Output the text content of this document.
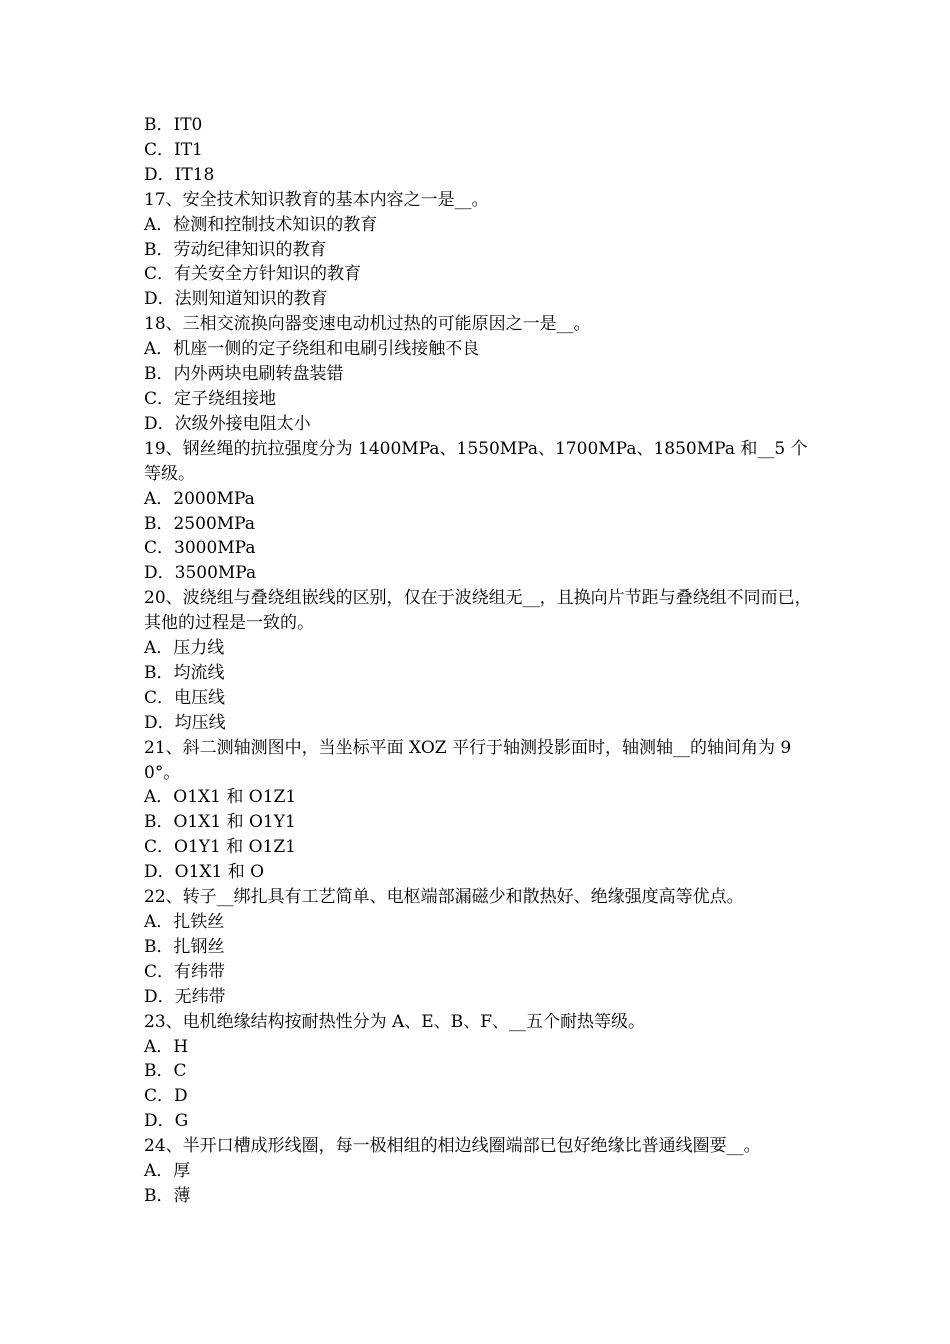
B．IT0
C．IT1
D．IT18
17、安全技术知识教育的基本内容之一是__。
A．检测和控制技术知识的教育
B．劳动纪律知识的教育
C．有关安全方针知识的教育
D．法则知道知识的教育
18、三相交流换向器变速电动机过热的可能原因之一是__。
A．机座一侧的定子绕组和电刷引线接触不良
B．内外两块电刷转盘装错
C．定子绕组接地
D．次级外接电阻太小
19、钢丝绳的抗拉强度分为 1400MPa、1550MPa、1700MPa、1850MPa 和__5 个等级。
A．2000MPa
B．2500MPa
C．3000MPa
D．3500MPa
20、波绕组与叠绕组嵌线的区别，仅在于波绕组无__，且换向片节距与叠绕组不同而已，其他的过程是一致的。
A．压力线
B．均流线
C．电压线
D．均压线
21、斜二测轴测图中，当坐标平面 XOZ 平行于轴测投影面时，轴测轴__的轴间角为 90°。
A．O1X1 和 O1Z1
B．O1X1 和 O1Y1
C．O1Y1 和 O1Z1
D．O1X1 和 O
22、转子__绑扎具有工艺简单、电枢端部漏磁少和散热好、绝缘强度高等优点。
A．扎铁丝
B．扎钢丝
C．有纬带
D．无纬带
23、电机绝缘结构按耐热性分为 A、E、B、F、__五个耐热等级。
A．H
B．C
C．D
D．G
24、半开口槽成形线圈，每一极相组的相边线圈端部已包好绝缘比普通线圈要__。
A．厚
B．薄
